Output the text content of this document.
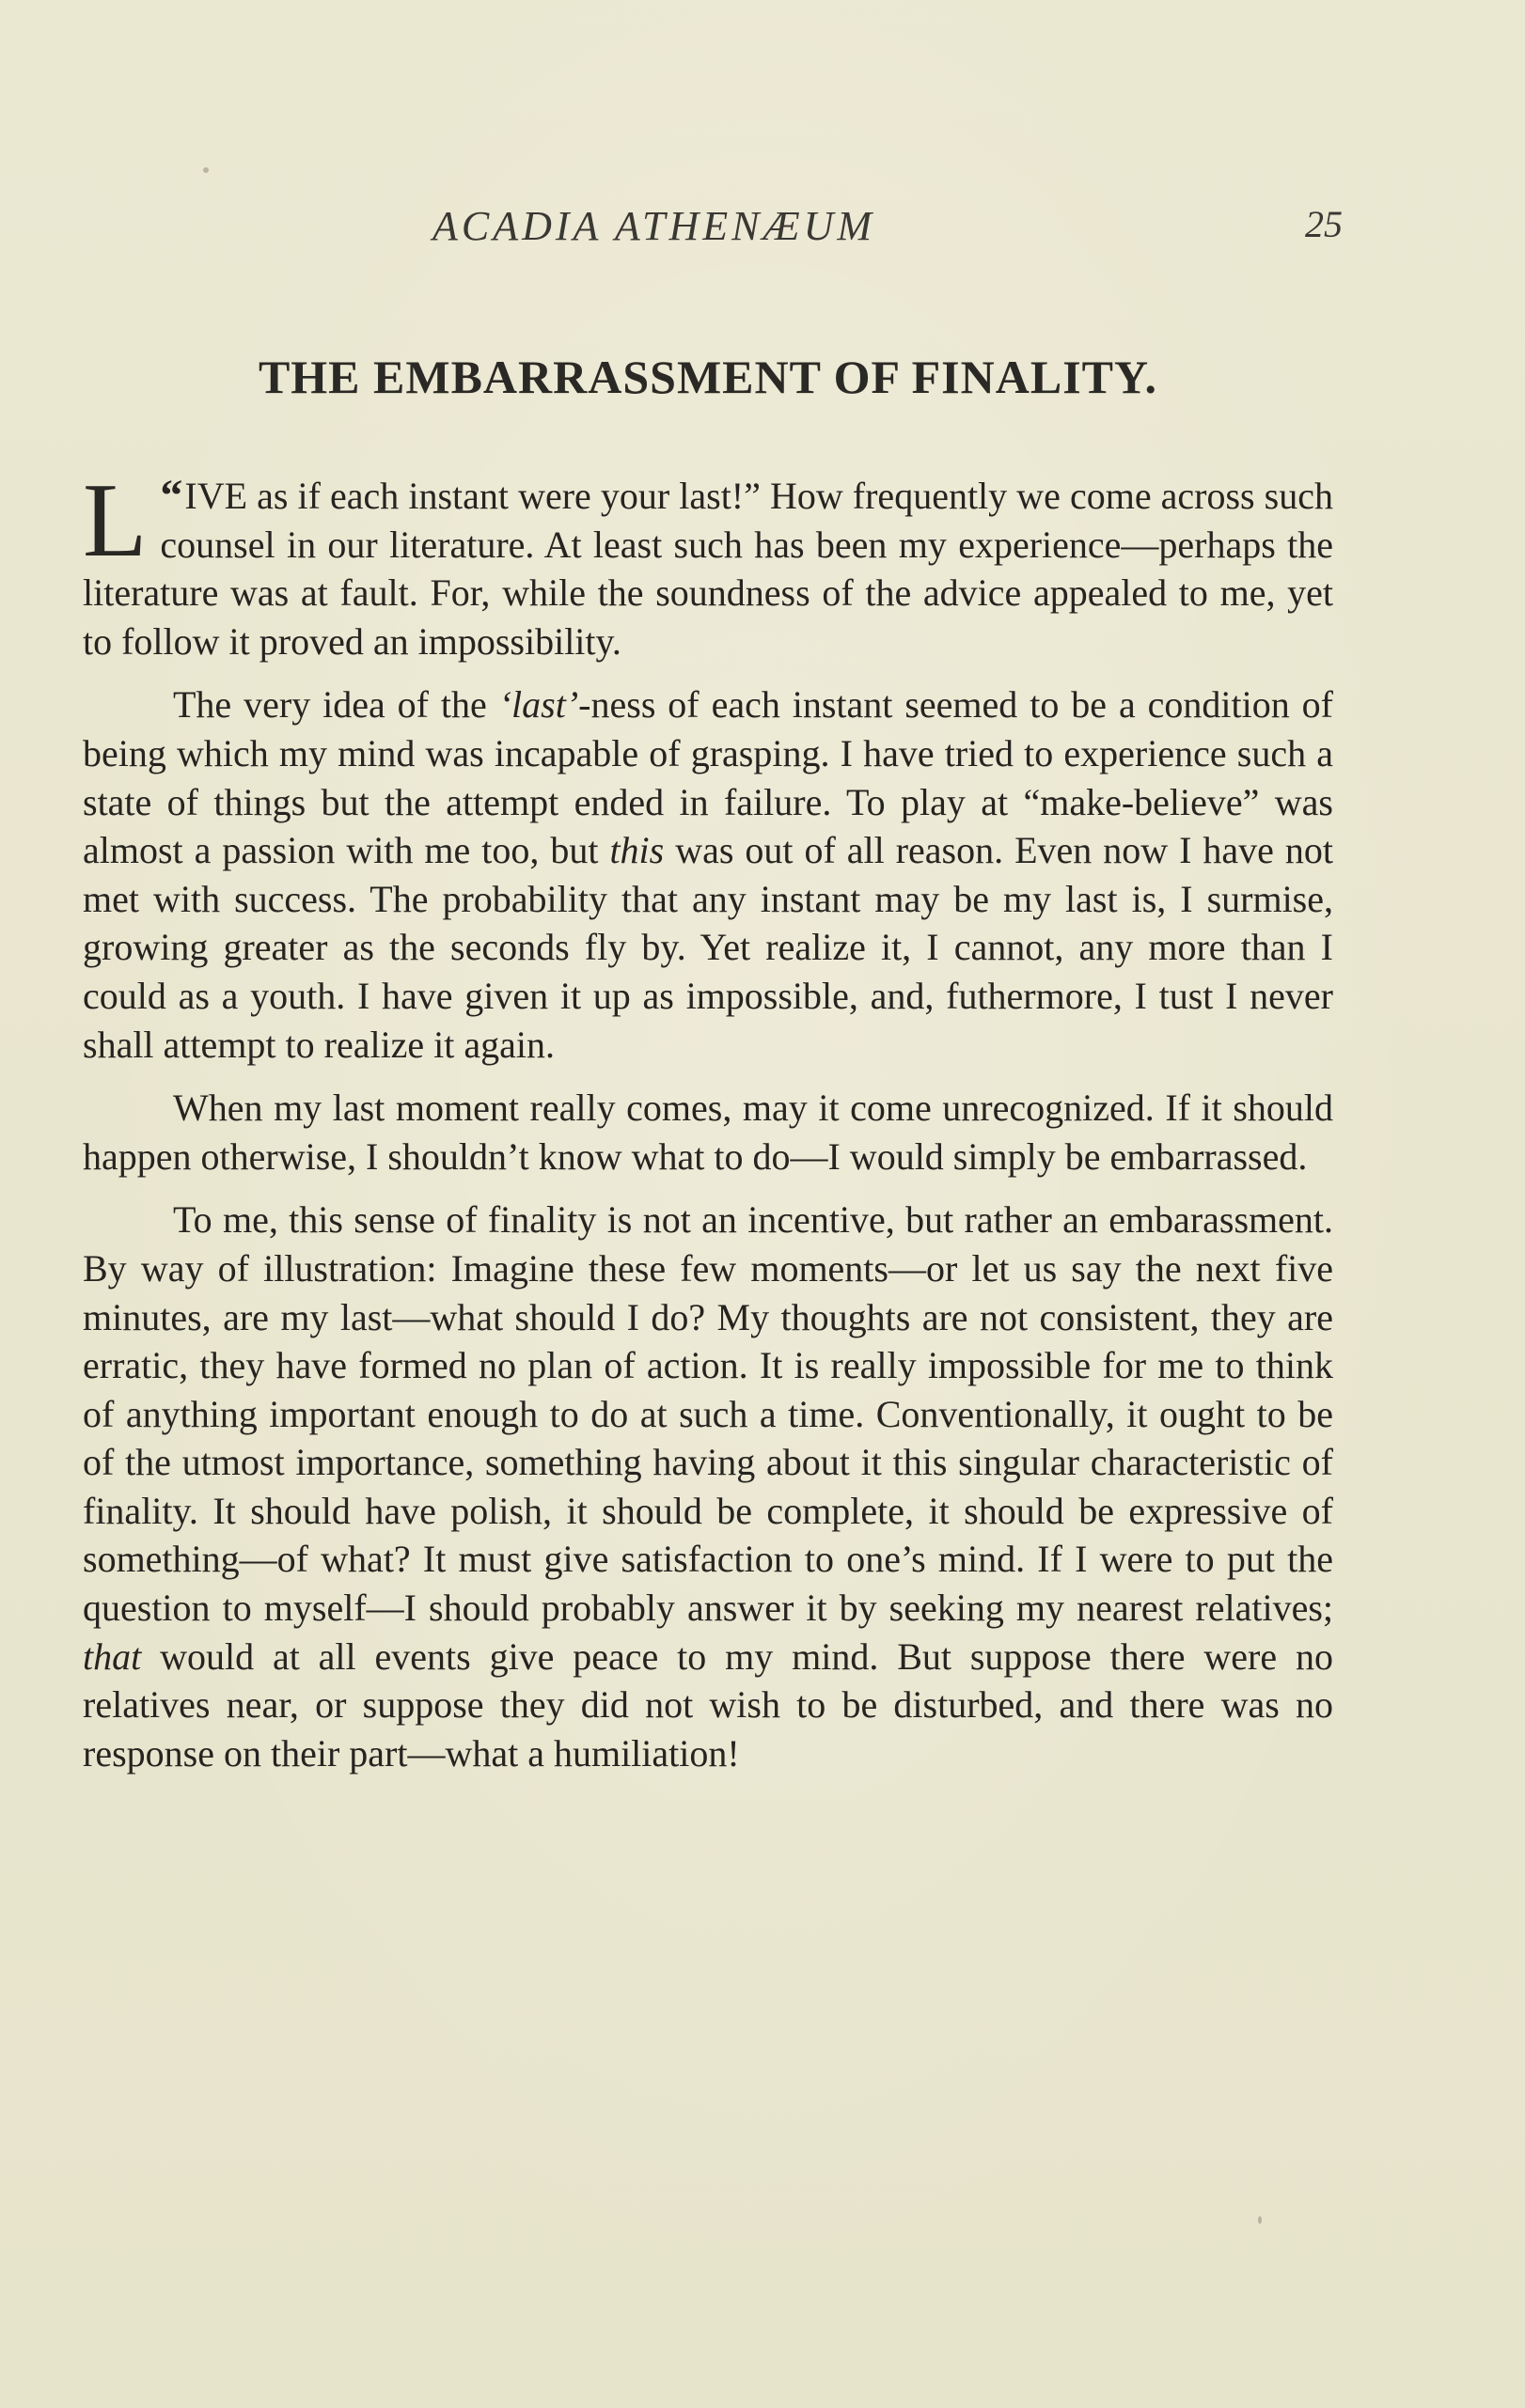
ACADIA ATHENÆUM	25
THE EMBARRASSMENT OF FINALITY.

“
L IVE as if each instant were your last!” How frequently we come across such counsel in our literature. At least such has been my experience—perhaps the literature was at fault. For, while the soundness of the advice appealed to me, yet to follow it proved an impossibility.

The very idea of the ‘last’-ness of each instant seemed to be a condition of being which my mind was incapable of grasping. I have tried to experience such a state of things but the attempt ended in failure. To play at “make-believe” was almost a passion with me too, but this was out of all reason. Even now I have not met with success. The probability that any instant may be my last is, I surmise, growing greater as the seconds fly by. Yet realize it, I cannot, any more than I could as a youth. I have given it up as impossible, and, futhermore, I tust I never shall attempt to realize it again.

When my last moment really comes, may it come unrecognized. If it should happen otherwise, I shouldn’t know what to do—I would simply be embarrassed.

To me, this sense of finality is not an incentive, but rather an embarassment. By way of illustration: Imagine these few moments—or let us say the next five minutes, are my last—what should I do? My thoughts are not consistent, they are erratic, they have formed no plan of action. It is really impossible for me to think of anything important enough to do at such a time. Conventionally, it ought to be of the utmost importance, something having about it this singular characteristic of finality. It should have polish, it should be complete, it should be expressive of something—of what? It must give satisfaction to one’s mind. If I were to put the question to myself—I should probably answer it by seeking my nearest relatives; that would at all events give peace to my mind. But suppose there were no relatives near, or suppose they did not wish to be disturbed, and there was no response on their part—what a humiliation!
